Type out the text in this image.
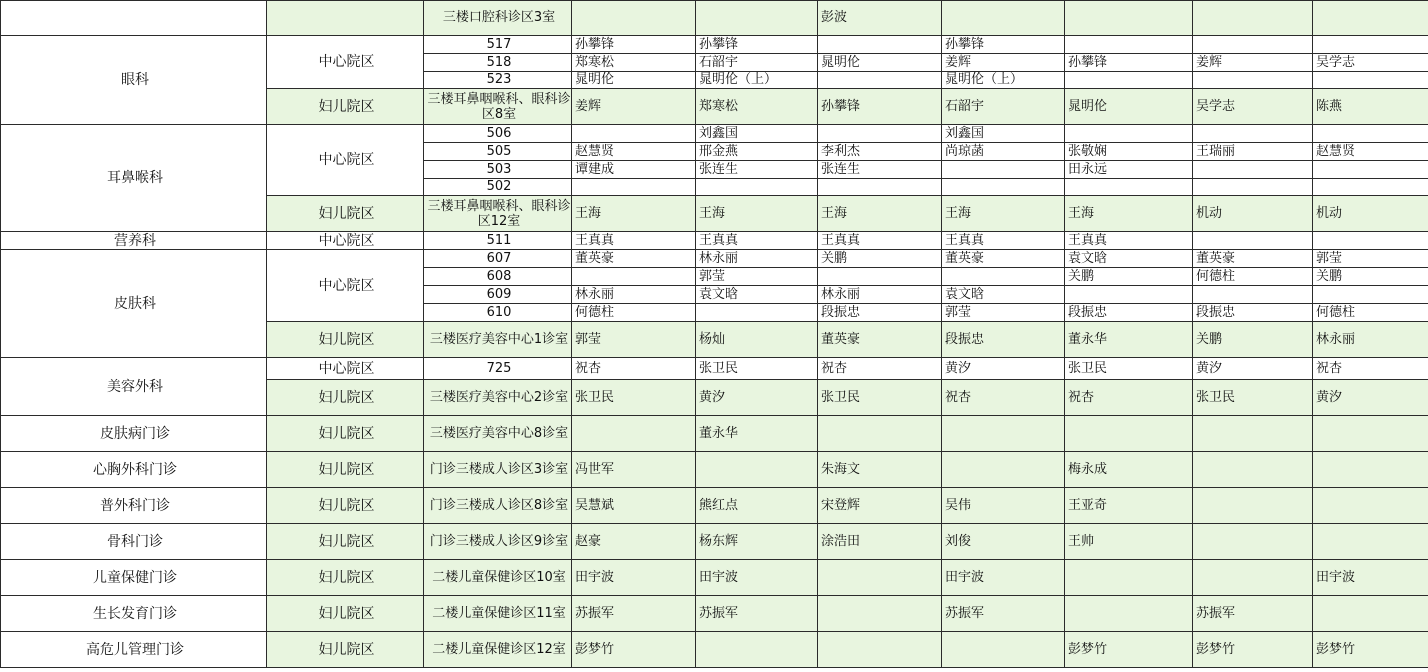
		三楼口腔科诊区3室			彭波				
眼科	中心院区	517	孙攀锋	孙攀锋		孙攀锋			
		518	郑寒松	石韶宇	晁明伦	姜辉	孙攀锋	姜辉	吴学志
		523	晁明伦	晁明伦（上）		晁明伦（上）			
	妇儿院区	三楼耳鼻咽喉科、眼科诊区8室	姜辉	郑寒松	孙攀锋	石韶宇	晁明伦	吴学志	陈燕
耳鼻喉科	中心院区	506		刘鑫国		刘鑫国			
		505	赵慧贤	邢金燕	李利杰	尚琼菡	张敬娴	王瑞丽	赵慧贤
		503	谭建成	张连生	张连生		田永远		
		502							
	妇儿院区	三楼耳鼻咽喉科、眼科诊区12室	王海	王海	王海	王海	王海	机动	机动
营养科	中心院区	511	王真真	王真真	王真真	王真真	王真真		
皮肤科	中心院区	607	董英豪	林永丽	关鹏	董英豪	袁文晗	董英豪	郭莹
		608		郭莹			关鹏	何德柱	关鹏
		609	林永丽	袁文晗	林永丽	袁文晗			
		610	何德柱		段振忠	郭莹	段振忠	段振忠	何德柱
	妇儿院区	三楼医疗美容中心1诊室	郭莹	杨灿	董英豪	段振忠	董永华	关鹏	林永丽
美容外科	中心院区	725	祝杏	张卫民	祝杏	黄汐	张卫民	黄汐	祝杏
	妇儿院区	三楼医疗美容中心2诊室	张卫民	黄汐	张卫民	祝杏	祝杏	张卫民	黄汐
皮肤病门诊	妇儿院区	三楼医疗美容中心8诊室		董永华					
心胸外科门诊	妇儿院区	门诊三楼成人诊区3诊室	冯世军		朱海文		梅永成		
普外科门诊	妇儿院区	门诊三楼成人诊区8诊室	吴慧斌	熊红点	宋登辉	吴伟	王亚奇		
骨科门诊	妇儿院区	门诊三楼成人诊区9诊室	赵豪	杨东辉	涂浩田	刘俊	王帅		
儿童保健门诊	妇儿院区	二楼儿童保健诊区10室	田宇波	田宇波		田宇波			田宇波
生长发育门诊	妇儿院区	二楼儿童保健诊区11室	苏振军	苏振军		苏振军		苏振军	
高危儿管理门诊	妇儿院区	二楼儿童保健诊区12室	彭梦竹				彭梦竹	彭梦竹	彭梦竹
